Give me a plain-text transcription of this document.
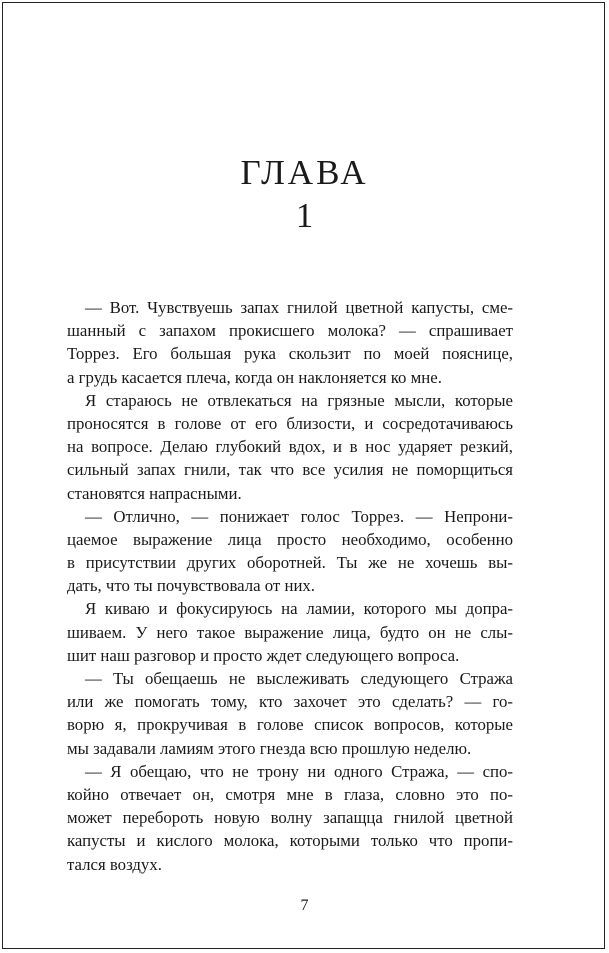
ГЛАВА
1
— Вот. Чувствуешь запах гнилой цветной капусты, сме-
шанный с запахом прокисшего молока? — спрашивает
Торрез. Его большая рука скользит по моей пояснице,
а грудь касается плеча, когда он наклоняется ко мне.
Я стараюсь не отвлекаться на грязные мысли, которые
проносятся в голове от его близости, и сосредотачиваюсь
на вопросе. Делаю глубокий вдох, и в нос ударяет резкий,
сильный запах гнили, так что все усилия не поморщиться
становятся напрасными.
— Отлично, — понижает голос Торрез. — Непрони-
цаемое выражение лица просто необходимо, особенно
в присутствии других оборотней. Ты же не хочешь вы-
дать, что ты почувствовала от них.
Я киваю и фокусируюсь на ламии, которого мы допра-
шиваем. У него такое выражение лица, будто он не слы-
шит наш разговор и просто ждет следующего вопроса.
— Ты обещаешь не выслеживать следующего Стража
или же помогать тому, кто захочет это сделать? — го-
ворю я, прокручивая в голове список вопросов, которые
мы задавали ламиям этого гнезда всю прошлую неделю.
— Я обещаю, что не трону ни одного Стража, — спо-
койно отвечает он, смотря мне в глаза, словно это по-
может перебороть новую волну запащца гнилой цветной
капусты и кислого молока, которыми только что пропи-
тался воздух.
7
